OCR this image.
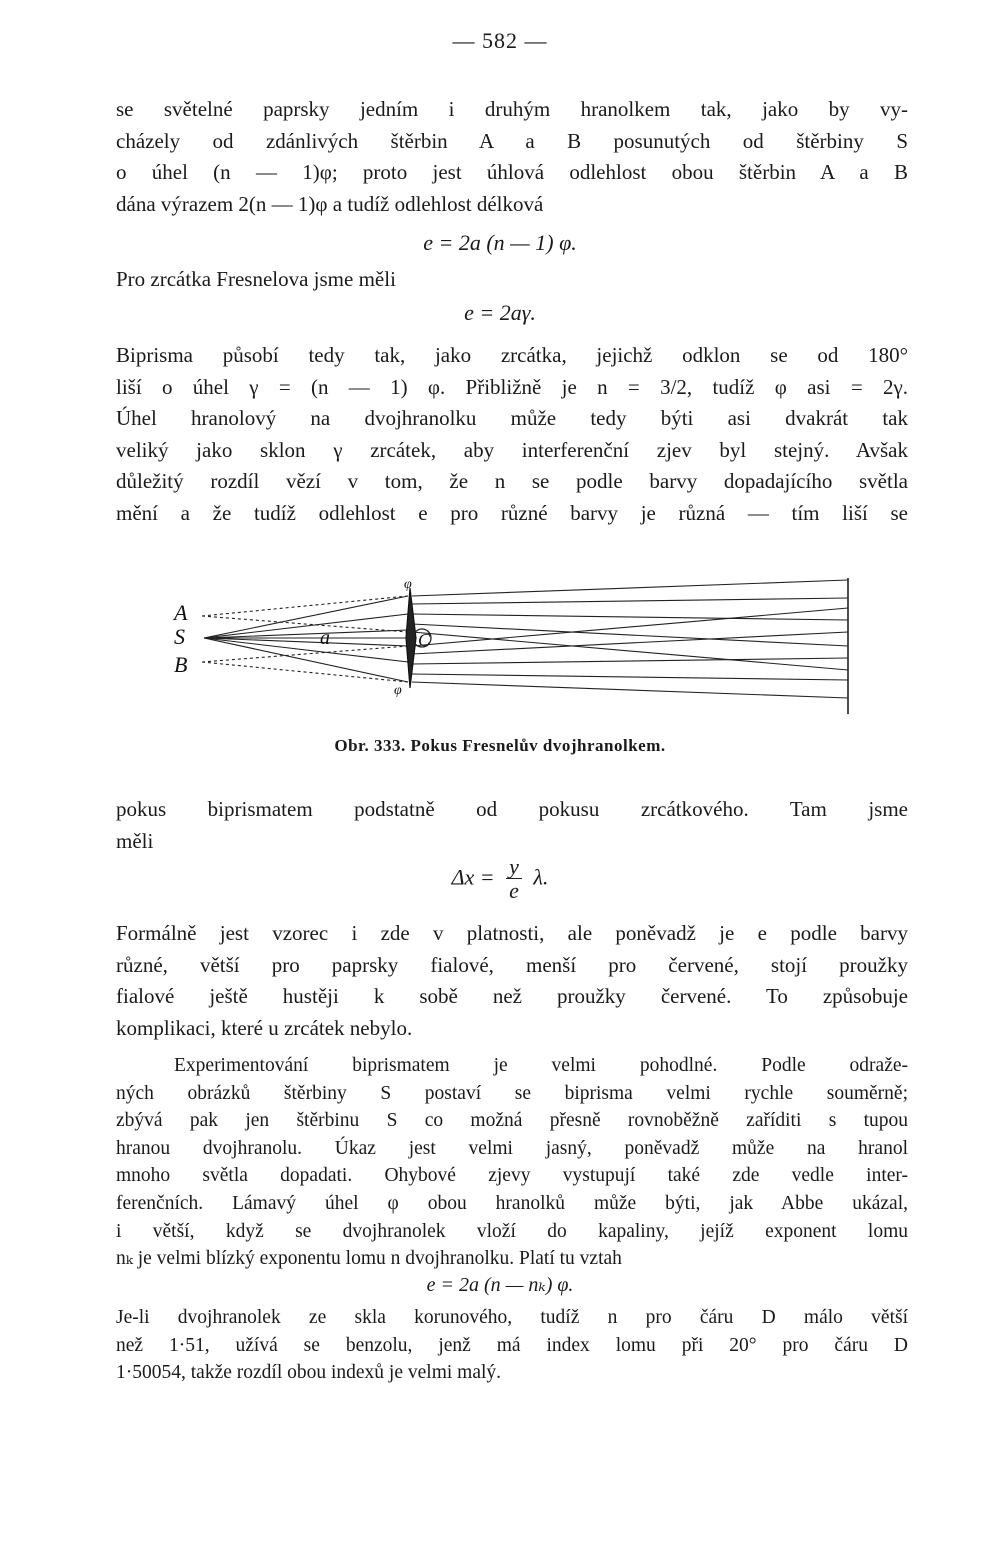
— 582 —
se světelné paprsky jedním i druhým hranolkem tak, jako by vy-
cházely od zdánlivých štěrbin A a B posunutých od štěrbiny S
o úhel (n — 1)φ; proto jest úhlová odlehlost obou štěrbin A a B
dána výrazem 2(n — 1)φ a tudíž odlehlost délková
e = 2a (n — 1) φ.
Pro zrcátka Fresnelova jsme měli
e = 2aγ.
Biprisma působí tedy tak, jako zrcátka, jejichž odklon se od 180°
liší o úhel γ = (n — 1) φ. Přibližně je n = 3/2, tudíž φ asi = 2γ.
Úhel hranolový na dvojhranolku může tedy býti asi dvakrát tak
veliký jako sklon γ zrcátek, aby interferenční zjev byl stejný. Avšak
důležitý rozdíl vězí v tom, že n se podle barvy dopadajícího světla
mění a že tudíž odlehlost e pro různé barvy je různá — tím liší se
A
S
B
a	C
φ
φ
Obr. 333. Pokus Fresnelův dvojhranolkem.
pokus biprismatem podstatně od pokusu zrcátkového. Tam jsme
měli
$\Delta x = \frac{y}{e} \lambda$.
Formálně jest vzorec i zde v platnosti, ale poněvadž je e podle barvy
různé, větší pro paprsky fialové, menší pro červené, stojí proužky
fialové ještě hustěji k sobě než proužky červené. To způsobuje
komplikaci, které u zrcátek nebylo.
Experimentování biprismatem je velmi pohodlné. Podle odraže-
ných obrázků štěrbiny S postaví se biprisma velmi rychle souměrně;
zbývá pak jen štěrbinu S co možná přesně rovnoběžně zaříditi s tupou
hranou dvojhranolu. Úkaz jest velmi jasný, poněvadž může na hranol
mnoho světla dopadati. Ohybové zjevy vystupují také zde vedle inter-
ferenčních. Lámavý úhel φ obou hranolků může býti, jak Abbe ukázal,
i větší, když se dvojhranolek vloží do kapaliny, jejíž exponent lomu
nₖ je velmi blízký exponentu lomu n dvojhranolku. Platí tu vztah
e = 2a (n — nₖ) φ.
Je-li dvojhranolek ze skla korunového, tudíž n pro čáru D málo větší
než 1·51, užívá se benzolu, jenž má index lomu při 20° pro čáru D
1·50054, takže rozdíl obou indexů je velmi malý.
